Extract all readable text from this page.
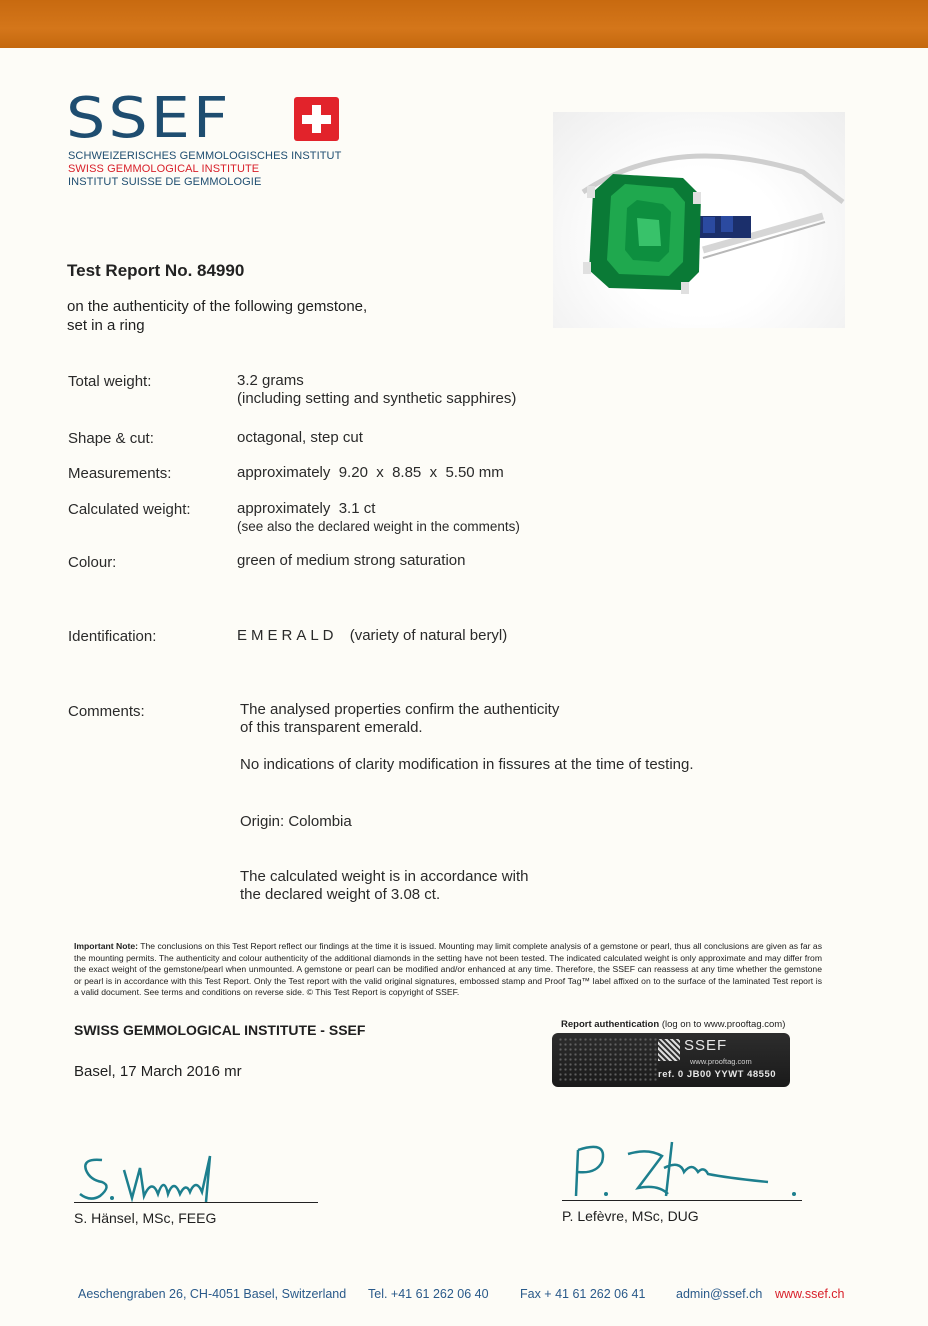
SSEF
SCHWEIZERISCHES GEMMOLOGISCHES INSTITUT
SWISS GEMMOLOGICAL INSTITUTE
INSTITUT SUISSE DE GEMMOLOGIE
Test Report No. 84990
on the authenticity of the following gemstone,
set in a ring
Total weight:	3.2 grams
(including setting and synthetic sapphires)
Shape & cut:	octagonal, step cut
Measurements:	approximately  9.20  x  8.85  x  5.50 mm
Calculated weight:	approximately  3.1 ct
(see also the declared weight in the comments)
Colour:	green of medium strong saturation
Identification:	EMERALD (variety of natural beryl)
Comments:	The analysed properties confirm the authenticity
of this transparent emerald.
No indications of clarity modification in fissures at the time of testing.
Origin: Colombia
The calculated weight is in accordance with
the declared weight of 3.08 ct.
Important Note: The conclusions on this Test Report reflect our findings at the time it is issued. Mounting may limit complete analysis of a gemstone or pearl, thus all conclusions are given as far as the mounting permits. The authenticity and colour authenticity of the additional diamonds in the setting have not been tested. The indicated calculated weight is only approximate and may differ from the exact weight of the gemstone/pearl when unmounted. A gemstone or pearl can be modified and/or enhanced at any time. Therefore, the SSEF can reassess at any time whether the gemstone or pearl is in accordance with this Test Report. Only the Test report with the valid original signatures, embossed stamp and Proof Tag™ label affixed on to the surface of the laminated Test report is a valid document. See terms and conditions on reverse side. © This Test Report is copyright of SSEF.
SWISS GEMMOLOGICAL INSTITUTE - SSEF
Basel, 17 March 2016 mr
Report authentication (log on to www.prooftag.com)
SSEF
www.prooftag.com
ref. 0 JB00 YYWT 48550
S. Hänsel, MSc, FEEG	P. Lefèvre, MSc, DUG
Aeschengraben 26, CH-4051 Basel, Switzerland Tel. +41 61 262 06 40	Fax + 41 61 262 06 41 admin@ssef.ch www.ssef.ch
